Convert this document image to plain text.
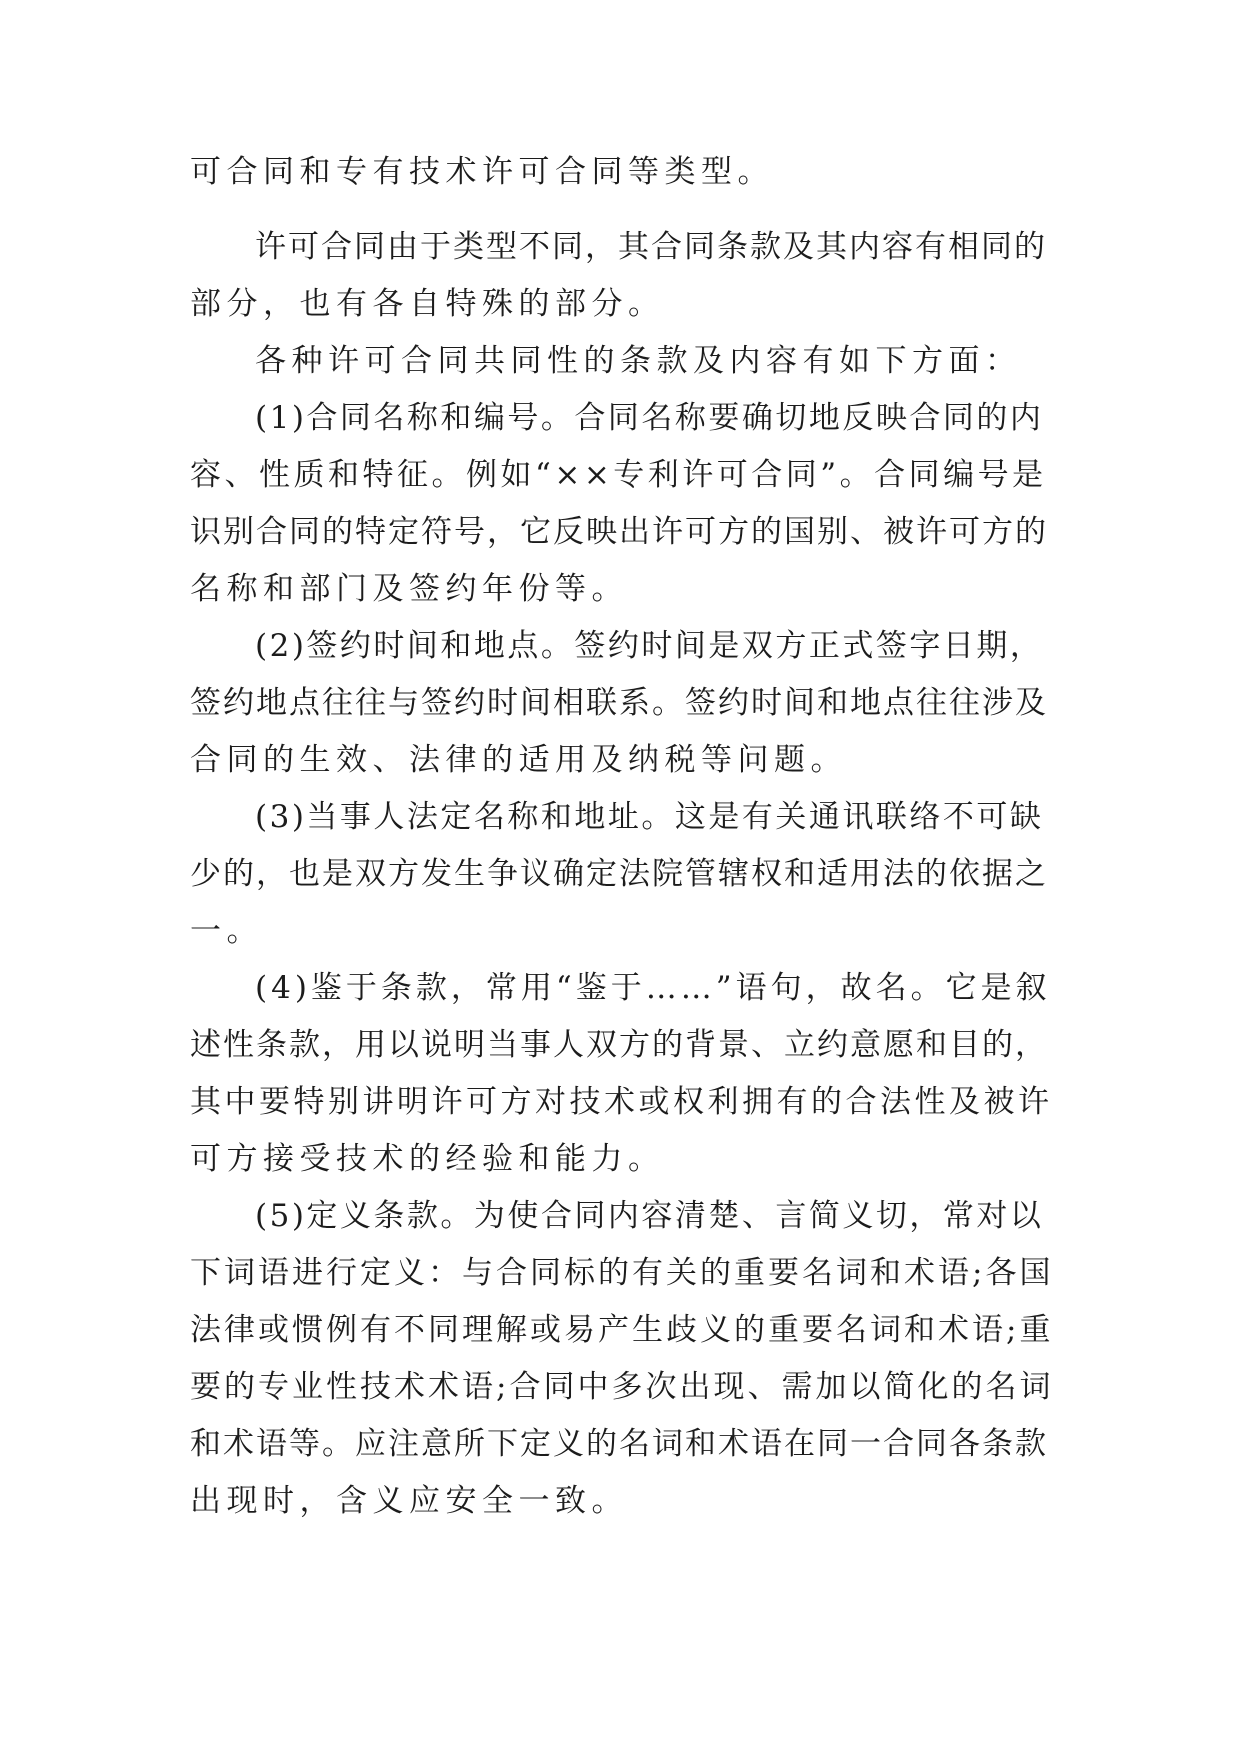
可合同和专有技术许可合同等类型。
许可合同由于类型不同，其合同条款及其内容有相同的
部分，也有各自特殊的部分。
各种许可合同共同性的条款及内容有如下方面：
(1)合同名称和编号。合同名称要确切地反映合同的内
容、性质和特征。例如“××专利许可合同”。合同编号是
识别合同的特定符号，它反映出许可方的国别、被许可方的
名称和部门及签约年份等。
(2)签约时间和地点。签约时间是双方正式签字日期，
签约地点往往与签约时间相联系。签约时间和地点往往涉及
合同的生效、法律的适用及纳税等问题。
(3)当事人法定名称和地址。这是有关通讯联络不可缺
少的，也是双方发生争议确定法院管辖权和适用法的依据之
一。
(4)鉴于条款，常用“鉴于……”语句，故名。它是叙
述性条款，用以说明当事人双方的背景、立约意愿和目的，
其中要特别讲明许可方对技术或权利拥有的合法性及被许
可方接受技术的经验和能力。
(5)定义条款。为使合同内容清楚、言简义切，常对以
下词语进行定义：与合同标的有关的重要名词和术语;各国
法律或惯例有不同理解或易产生歧义的重要名词和术语;重
要的专业性技术术语;合同中多次出现、需加以简化的名词
和术语等。应注意所下定义的名词和术语在同一合同各条款
出现时，含义应安全一致。
